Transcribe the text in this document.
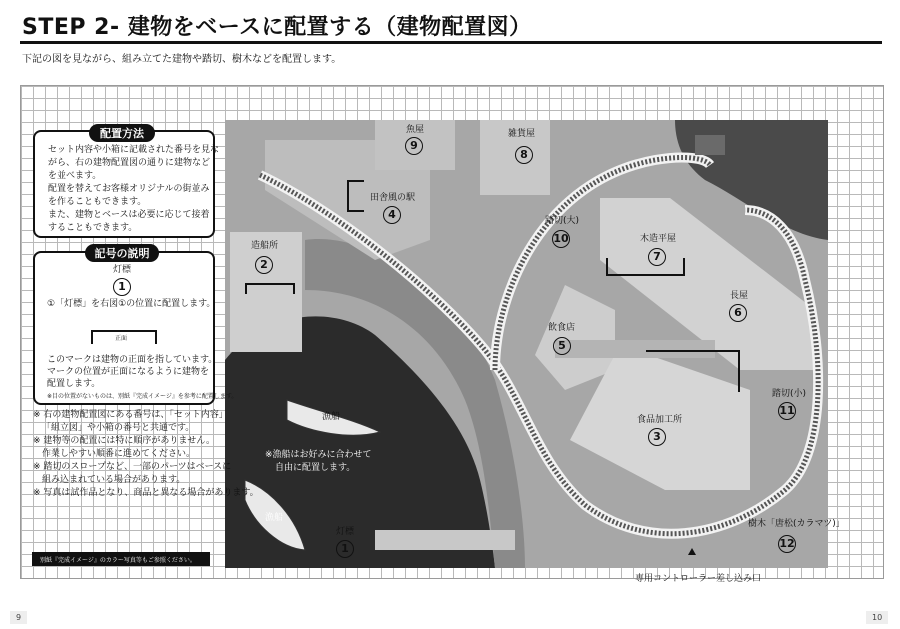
STEP 2- 建物をベースに配置する（建物配置図）
下記の図を見ながら、組み立てた建物や踏切、樹木などを配置します。
造船所
2
田舎風の駅
4
魚屋
9
雑貨屋
8
踏切(大)
10	木造平屋
7
長屋
6
飲食店
5
食品加工所
3
踏切(小)
11
樹木「唐松(カラマツ)」
12
灯標
1
漁船
漁船
※漁船はお好みに合わせて
自由に配置します。
専用コントローラー差し込み口
配置方法
セット内容や小箱に記載された番号を見な
がら、右の建物配置図の通りに建物など
を並べます。
配置を替えてお客様オリジナルの街並み
を作ることもできます。
また、建物とベースは必要に応じて接着
することもできます。
記号の説明
灯標
1
①「灯標」を右図①の位置に配置します。
正面
このマークは建物の正面を指しています。
マークの位置が正面になるように建物を
配置します。
※目の位置がないものは、別紙『完成イメージ』を参考に配置します。
※ 右の建物配置図にある番号は、「セット内容」
「組立図」や小箱の番号と共通です。
※ 建物等の配置には特に順序がありません。
作業しやすい順番に進めてください。
※ 踏切のスロープなど、一部のパーツはベースに
組み込まれている場合があります。
※ 写真は試作品となり、商品と異なる場合があります。
別紙『完成イメージ』のカラー写真等もご参照ください。
9	10
